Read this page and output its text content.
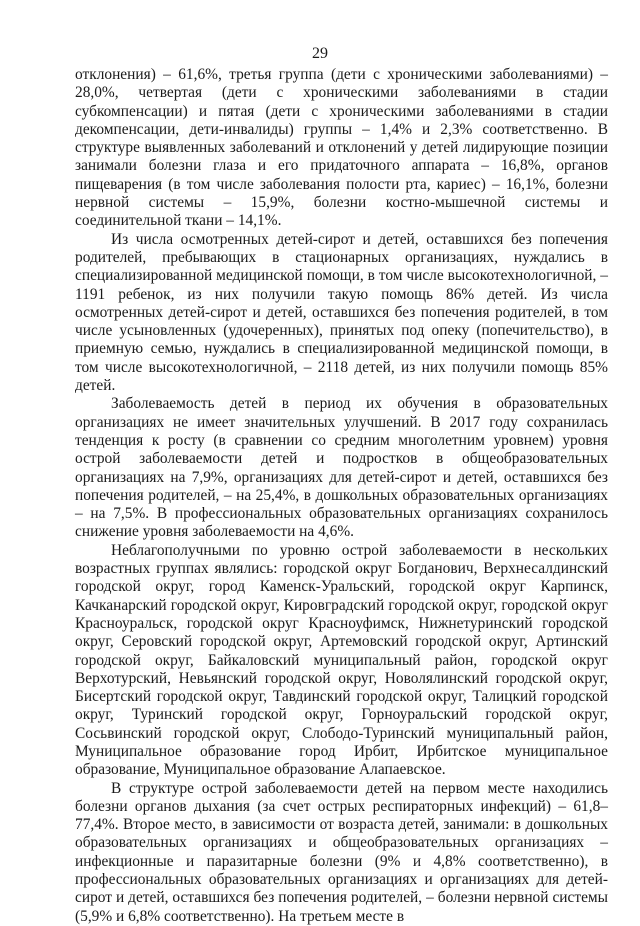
29

отклонения) – 61,6%, третья группа (дети с хроническими заболеваниями) – 28,0%, четвертая (дети с хроническими заболеваниями в стадии субкомпенсации) и пятая (дети с хроническими заболеваниями в стадии декомпенсации, дети-инвалиды) группы – 1,4% и 2,3% соответственно. В структуре выявленных заболеваний и отклонений у детей лидирующие позиции занимали болезни глаза и его придаточного аппарата – 16,8%, органов пищеварения (в том числе заболевания полости рта, кариес) – 16,1%, болезни нервной системы – 15,9%, болезни костно-мышечной системы и соединительной ткани – 14,1%.

Из числа осмотренных детей-сирот и детей, оставшихся без попечения родителей, пребывающих в стационарных организациях, нуждались в специализированной медицинской помощи, в том числе высокотехнологичной, – 1191 ребенок, из них получили такую помощь 86% детей. Из числа осмотренных детей-сирот и детей, оставшихся без попечения родителей, в том числе усыновленных (удочеренных), принятых под опеку (попечительство), в приемную семью, нуждались в специализированной медицинской помощи, в том числе высокотехнологичной, – 2118 детей, из них получили помощь 85% детей.

Заболеваемость детей в период их обучения в образовательных организациях не имеет значительных улучшений. В 2017 году сохранилась тенденция к росту (в сравнении со средним многолетним уровнем) уровня острой заболеваемости детей и подростков в общеобразовательных организациях на 7,9%, организациях для детей-сирот и детей, оставшихся без попечения родителей, – на 25,4%, в дошкольных образовательных организациях – на 7,5%. В профессиональных образовательных организациях сохранилось снижение уровня заболеваемости на 4,6%.

Неблагополучными по уровню острой заболеваемости в нескольких возрастных группах являлись: городской округ Богданович, Верхнесалдинский городской округ, город Каменск-Уральский, городской округ Карпинск, Качканарский городской округ, Кировградский городской округ, городской округ Красноуральск, городской округ Красноуфимск, Нижнетуринский городской округ, Серовский городской округ, Артемовский городской округ, Артинский городской округ, Байкаловский муниципальный район, городской округ Верхотурский, Невьянский городской округ, Новолялинский городской округ, Бисертский городской округ, Тавдинский городской округ, Талицкий городской округ, Туринский городской округ, Горноуральский городской округ, Сосьвинский городской округ, Слободо-Туринский муниципальный район, Муниципальное образование город Ирбит, Ирбитское муниципальное образование, Муниципальное образование Алапаевское.

В структуре острой заболеваемости детей на первом месте находились болезни органов дыхания (за счет острых респираторных инфекций) – 61,8–77,4%. Второе место, в зависимости от возраста детей, занимали: в дошкольных образовательных организациях и общеобразовательных организациях – инфекционные и паразитарные болезни (9% и 4,8% соответственно), в профессиональных образовательных организациях и организациях для детей-сирот и детей, оставшихся без попечения родителей, – болезни нервной системы (5,9% и 6,8% соответственно). На третьем месте в
